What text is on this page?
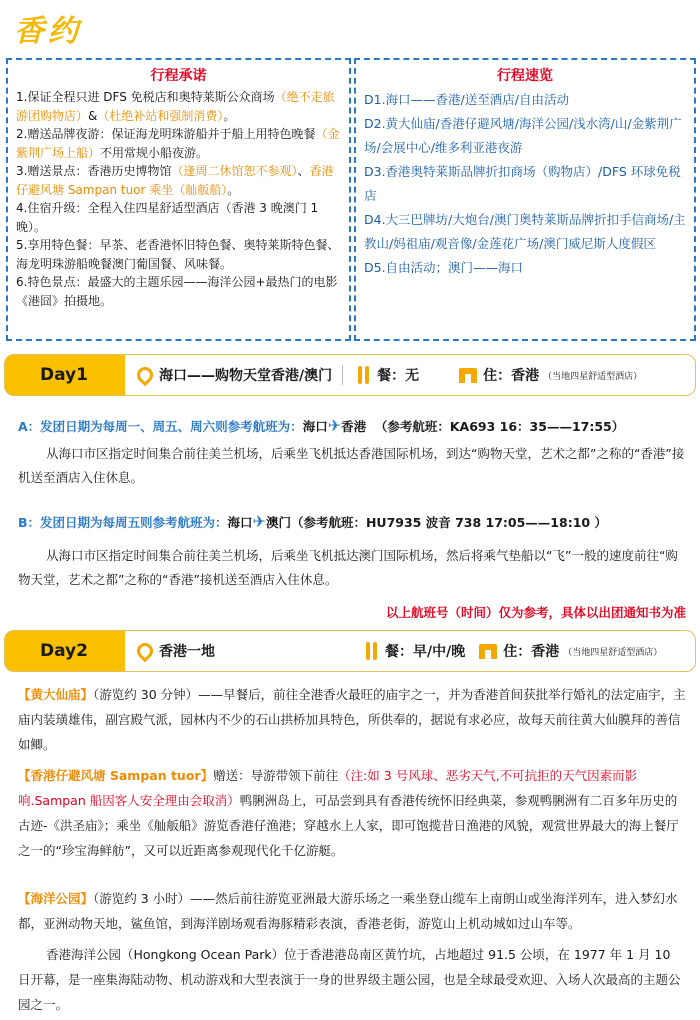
香约
行程承诺
1.保证全程只进 DFS 免税店和奥特莱斯公众商场（绝不走旅游团购物店）&（杜绝补站和强制消费）。
2.赠送品牌夜游：保证海龙明珠游船并于船上用特色晚餐（金紫荆广场上船）不用常规小船夜游。
3.赠送景点：香港历史博物馆（逢周二休馆恕不参观）、香港仔避风塘 Sampan tuor 乘坐（舢舨船）。
4.住宿升级：全程入住四星舒适型酒店（香港 3 晚澳门 1 晚）。
5.享用特色餐：早茶、老香港怀旧特色餐、奥特莱斯特色餐、海龙明珠游船晚餐澳门葡国餐、风味餐。
6.特色景点：最盛大的主题乐园——海洋公园+最热门的电影《港囧》拍摄地。
行程速览
D1.海口——香港/送至酒店/自由活动
D2.黄大仙庙/香港仔避风塘/海洋公园/浅水湾/山/金紫荆广场/会展中心/维多利亚港夜游
D3.香港奥特莱斯品牌折扣商场（购物店）/DFS 环球免税店
D4.大三巴牌坊/大炮台/澳门奥特莱斯品牌折扣手信商场/主教山/妈祖庙/观音像/金莲花广场/澳门威尼斯人度假区
D5.自由活动；澳门——海口
Day1	海口——购物天堂香港/澳门	餐：无	住：香港 （当地四星舒适型酒店）
A：发团日期为每周一、周五、周六则参考航班为：海口✈香港 （参考航班：KA693 16：35——17:55）
从海口市区指定时间集合前往美兰机场，后乘坐飞机抵达香港国际机场，到达“购物天堂，艺术之都”之称的“香港”接机送至酒店入住休息。
B：发团日期为每周五则参考航班为：海口✈澳门（参考航班：HU7935 波音 738 17:05——18:10 ）
从海口市区指定时间集合前往美兰机场，后乘坐飞机抵达澳门国际机场，然后将乘气垫船以“飞”一般的速度前往“购物天堂，艺术之都”之称的“香港”接机送至酒店入住休息。
以上航班号（时间）仅为参考，具体以出团通知书为准
Day2	香港一地	餐：早/中/晚	住：香港 （当地四星舒适型酒店）
【黄大仙庙】（游览约 30 分钟）——早餐后，前往全港香火最旺的庙宇之一，并为香港首间获批举行婚礼的法定庙宇，主庙内装璜雄伟，副宫殿气派，园林内不少的石山拱桥加具特色，所供奉的，据说有求必应，故每天前往黄大仙膜拜的善信如鲫。
【香港仔避风塘 Sampan tuor】赠送：导游带领下前往（注:如 3 号风球、恶劣天气,不可抗拒的天气因素而影响.Sampan 船因客人安全理由会取消）鸭脷洲岛上，可品尝到具有香港传统怀旧经典菜，参观鸭脷洲有二百多年历史的古迹-《洪圣庙》；乘坐《舢舨船》游览香港仔渔港；穿越水上人家，即可饱揽昔日渔港的风貌，观赏世界最大的海上餐厅之一的“珍宝海鲜舫”，又可以近距离参观现代化千亿游艇。
【海洋公园】（游览约 3 小时）——然后前往游览亚洲最大游乐场之一乘坐登山缆车上南朗山或坐海洋列车，进入梦幻水都，亚洲动物天地，鲨鱼馆，到海洋剧场观看海豚精彩表演，香港老街，游览山上机动城如过山车等。
香港海洋公园（Hongkong Ocean Park）位于香港港岛南区黄竹坑，占地超过 91.5 公顷，在 1977 年 1 月 10 日开幕，是一座集海陆动物、机动游戏和大型表演于一身的世界级主题公园，也是全球最受欢迎、入场人次最高的主题公园之一。
